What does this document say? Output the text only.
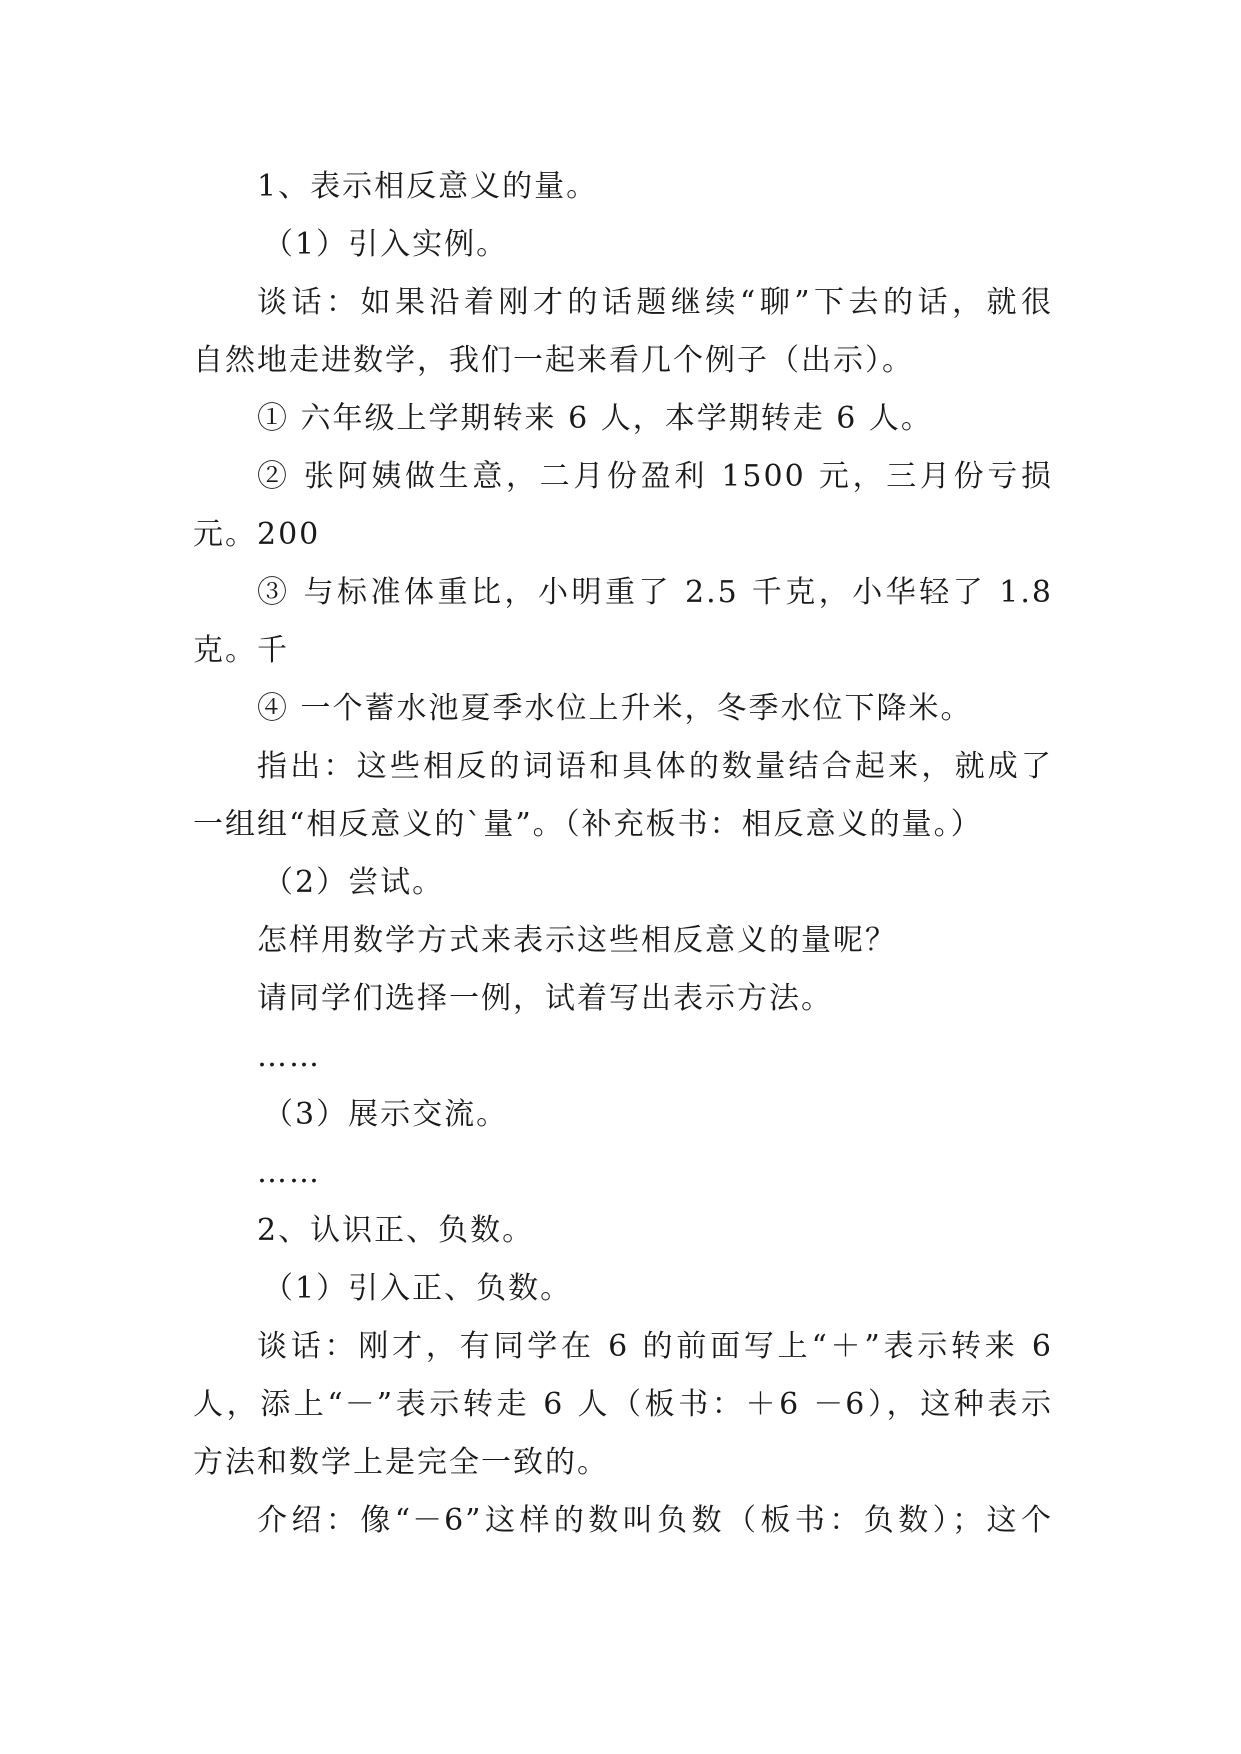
1、表示相反意义的量。
（1）引入实例。
谈话：如果沿着刚才的话题继续“聊”下去的话，就很
自然地走进数学，我们一起来看几个例子（出示）。
① 六年级上学期转来 6 人，本学期转走 6 人。
② 张阿姨做生意，二月份盈利 1500 元，三月份亏损 200
元。
③ 与标准体重比，小明重了 2.5 千克，小华轻了 1.8 千
克。
④ 一个蓄水池夏季水位上升米，冬季水位下降米。
指出：这些相反的词语和具体的数量结合起来，就成了
一组组“相反意义的`量”。（补充板书：相反意义的量。）
（2）尝试。
怎样用数学方式来表示这些相反意义的量呢？
请同学们选择一例，试着写出表示方法。
……
（3）展示交流。
……
2、认识正、负数。
（1）引入正、负数。
谈话：刚才，有同学在 6 的前面写上“＋”表示转来 6
人，添上“－”表示转走 6 人（板书：＋6 －6），这种表示
方法和数学上是完全一致的。
介绍：像“－6”这样的数叫负数（板书：负数）；这个
